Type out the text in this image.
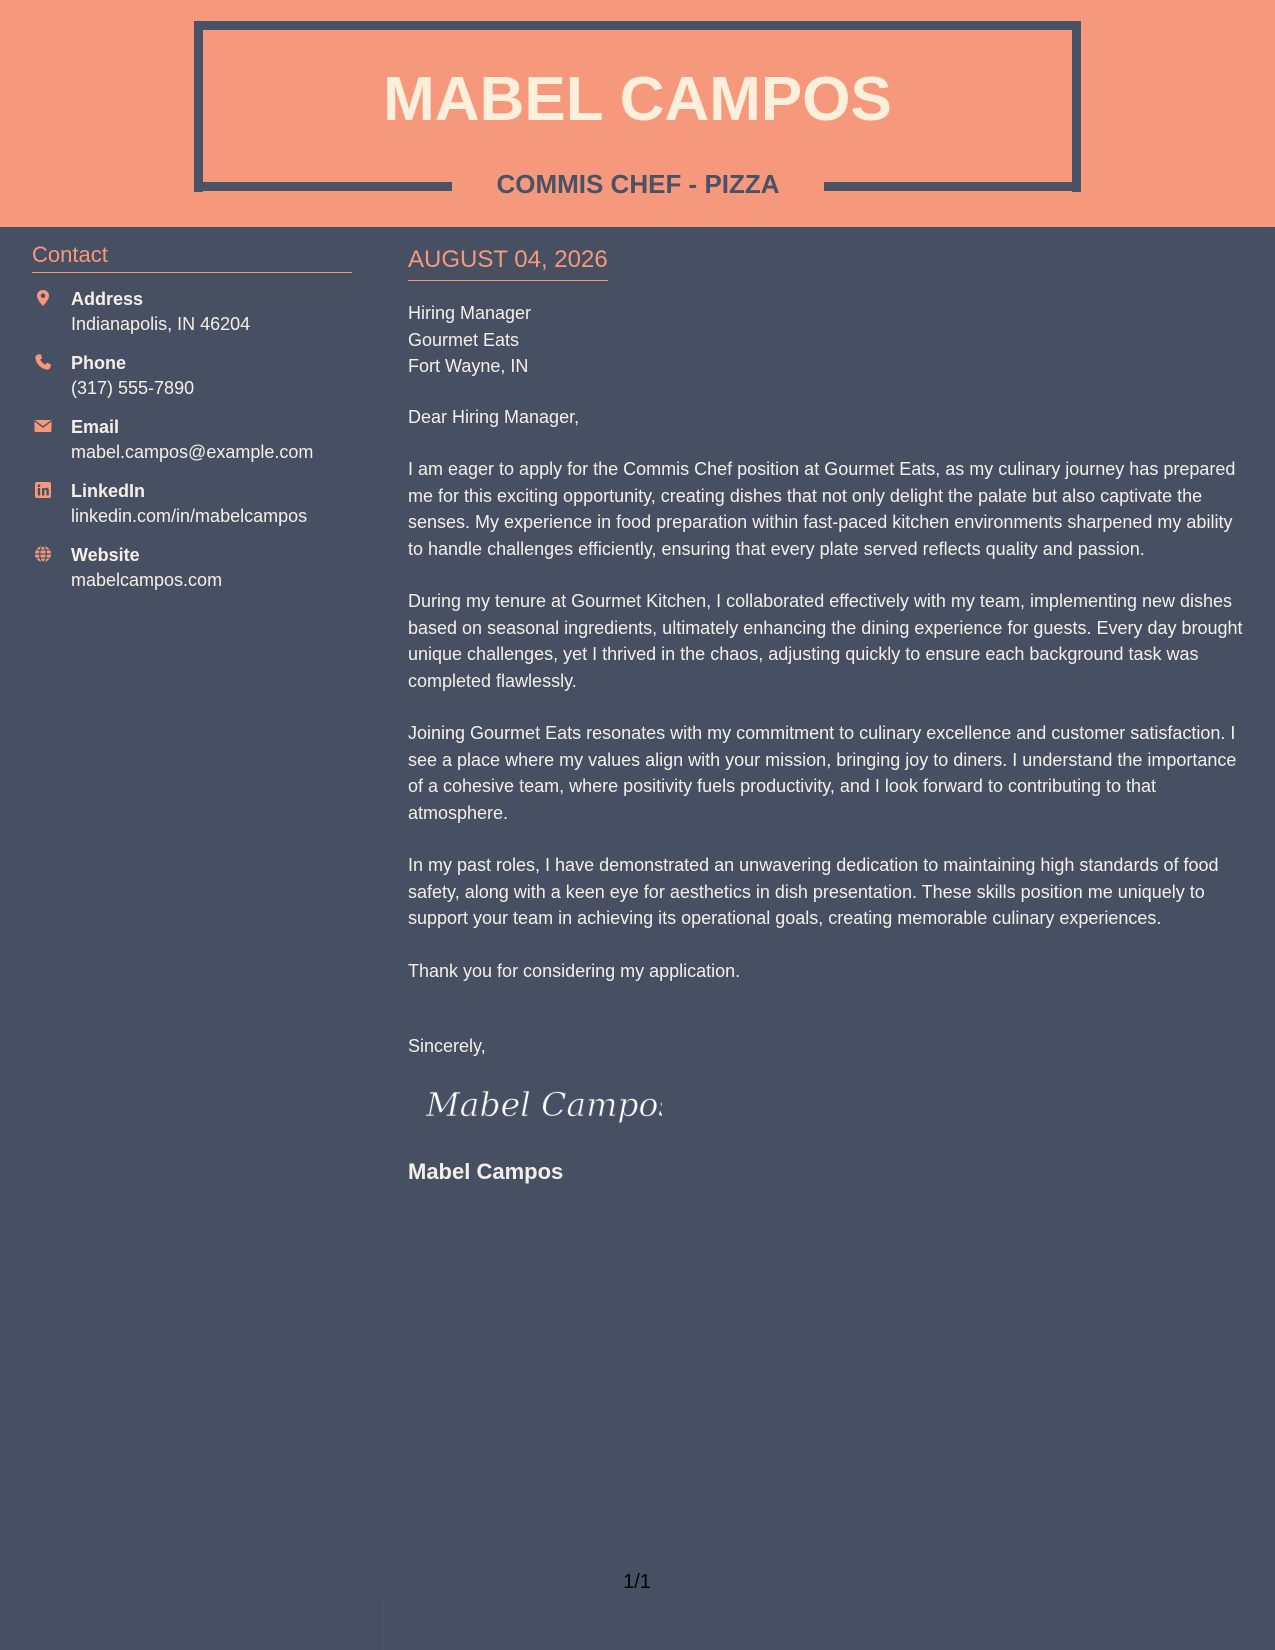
MABEL CAMPOS
COMMIS CHEF - PIZZA
Contact
Address
Indianapolis, IN 46204
Phone
(317) 555-7890
Email
mabel.campos@example.com
LinkedIn
linkedin.com/in/mabelcampos
Website
mabelcampos.com
AUGUST 04, 2026
Hiring Manager
Gourmet Eats
Fort Wayne, IN
Dear Hiring Manager,
I am eager to apply for the Commis Chef position at Gourmet Eats, as my culinary journey has prepared me for this exciting opportunity, creating dishes that not only delight the palate but also captivate the senses. My experience in food preparation within fast-paced kitchen environments sharpened my ability to handle challenges efficiently, ensuring that every plate served reflects quality and passion.
During my tenure at Gourmet Kitchen, I collaborated effectively with my team, implementing new dishes based on seasonal ingredients, ultimately enhancing the dining experience for guests. Every day brought unique challenges, yet I thrived in the chaos, adjusting quickly to ensure each background task was completed flawlessly.
Joining Gourmet Eats resonates with my commitment to culinary excellence and customer satisfaction. I see a place where my values align with your mission, bringing joy to diners. I understand the importance of a cohesive team, where positivity fuels productivity, and I look forward to contributing to that atmosphere.
In my past roles, I have demonstrated an unwavering dedication to maintaining high standards of food safety, along with a keen eye for aesthetics in dish presentation. These skills position me uniquely to support your team in achieving its operational goals, creating memorable culinary experiences.
Thank you for considering my application.
Sincerely,
Mabel Campos
Mabel Campos
1/1
